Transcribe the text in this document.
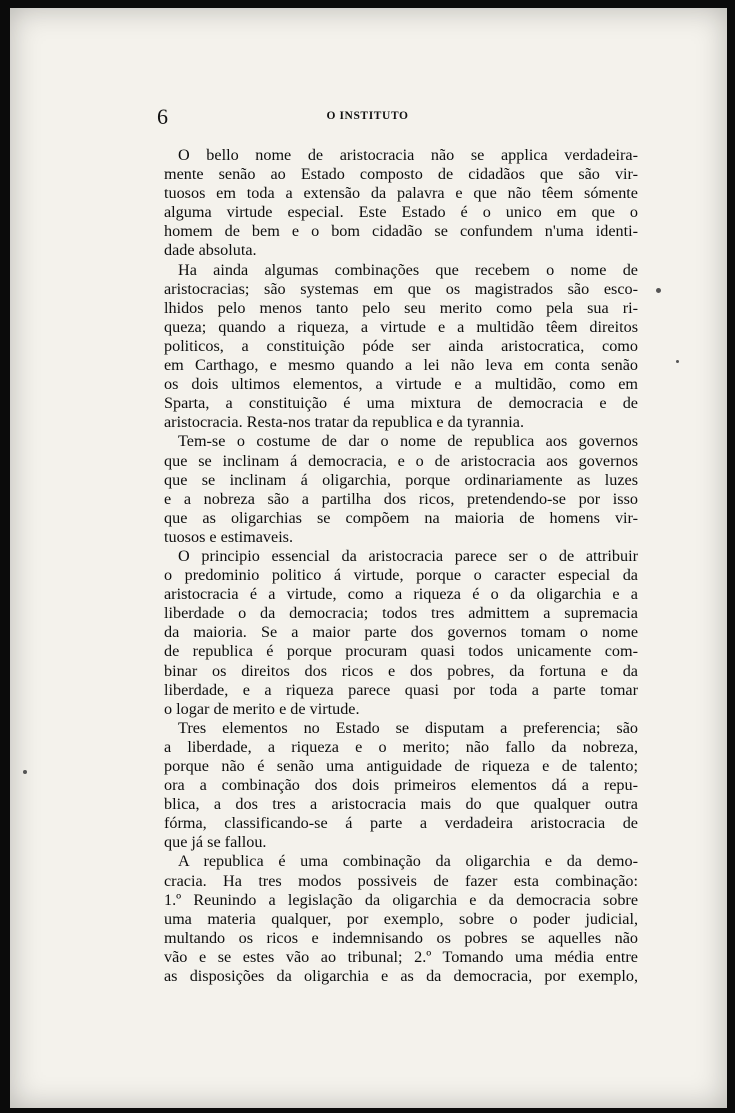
6	O INSTITUTO
O bello nome de aristocracia não se applica verdadeira-
mente senão ao Estado composto de cidadãos que são vir-
tuosos em toda a extensão da palavra e que não têem sómente
alguma virtude especial. Este Estado é o unico em que o
homem de bem e o bom cidadão se confundem n'uma identi-
dade absoluta.
Ha ainda algumas combinações que recebem o nome de
aristocracias; são systemas em que os magistrados são esco-
lhidos pelo menos tanto pelo seu merito como pela sua ri-
queza; quando a riqueza, a virtude e a multidão têem direitos
politicos, a constituição póde ser ainda aristocratica, como
em Carthago, e mesmo quando a lei não leva em conta senão
os dois ultimos elementos, a virtude e a multidão, como em
Sparta, a constituição é uma mixtura de democracia e de
aristocracia. Resta-nos tratar da republica e da tyrannia.
Tem-se o costume de dar o nome de republica aos governos
que se inclinam á democracia, e o de aristocracia aos governos
que se inclinam á oligarchia, porque ordinariamente as luzes
e a nobreza são a partilha dos ricos, pretendendo-se por isso
que as oligarchias se compõem na maioria de homens vir-
tuosos e estimaveis.
O principio essencial da aristocracia parece ser o de attribuir
o predominio politico á virtude, porque o caracter especial da
aristocracia é a virtude, como a riqueza é o da oligarchia e a
liberdade o da democracia; todos tres admittem a supremacia
da maioria. Se a maior parte dos governos tomam o nome
de republica é porque procuram quasi todos unicamente com-
binar os direitos dos ricos e dos pobres, da fortuna e da
liberdade, e a riqueza parece quasi por toda a parte tomar
o logar de merito e de virtude.
Tres elementos no Estado se disputam a preferencia; são
a liberdade, a riqueza e o merito; não fallo da nobreza,
porque não é senão uma antiguidade de riqueza e de talento;
ora a combinação dos dois primeiros elementos dá a repu-
blica, a dos tres a aristocracia mais do que qualquer outra
fórma, classificando-se á parte a verdadeira aristocracia de
que já se fallou.
A republica é uma combinação da oligarchia e da demo-
cracia. Ha tres modos possiveis de fazer esta combinação:
1.º Reunindo a legislação da oligarchia e da democracia sobre
uma materia qualquer, por exemplo, sobre o poder judicial,
multando os ricos e indemnisando os pobres se aquelles não
vão e se estes vão ao tribunal; 2.º Tomando uma média entre
as disposições da oligarchia e as da democracia, por exemplo,
